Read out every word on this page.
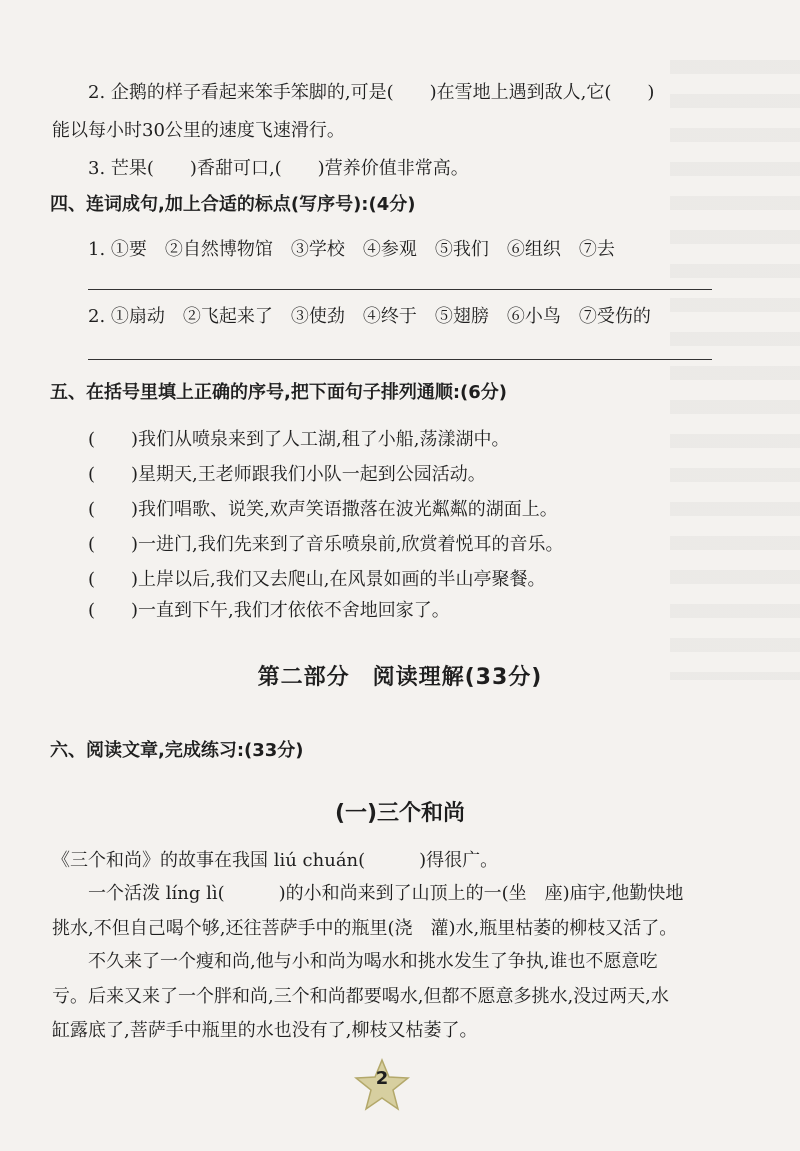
2. 企鹅的样子看起来笨手笨脚的,可是(　　)在雪地上遇到敌人,它(　　)
能以每小时30公里的速度飞速滑行。
3. 芒果(　　)香甜可口,(　　)营养价值非常高。
四、连词成句,加上合适的标点(写序号):(4分)
1. ①要　②自然博物馆　③学校　④参观　⑤我们　⑥组织　⑦去
2. ①扇动　②飞起来了　③使劲　④终于　⑤翅膀　⑥小鸟　⑦受伤的
五、在括号里填上正确的序号,把下面句子排列通顺:(6分)
(　　)我们从喷泉来到了人工湖,租了小船,荡漾湖中。
(　　)星期天,王老师跟我们小队一起到公园活动。
(　　)我们唱歌、说笑,欢声笑语撒落在波光粼粼的湖面上。
(　　)一进门,我们先来到了音乐喷泉前,欣赏着悦耳的音乐。
(　　)上岸以后,我们又去爬山,在风景如画的半山亭聚餐。
(　　)一直到下午,我们才依依不舍地回家了。
第二部分　阅读理解(33分)
六、阅读文章,完成练习:(33分)
(一)三个和尚
《三个和尚》的故事在我国 liú chuán(　　　)得很广。
　　一个活泼 líng lì(　　　)的小和尚来到了山顶上的一(坐　座)庙宇,他勤快地
挑水,不但自己喝个够,还往菩萨手中的瓶里(浇　灌)水,瓶里枯萎的柳枝又活了。
　　不久来了一个瘦和尚,他与小和尚为喝水和挑水发生了争执,谁也不愿意吃
亏。后来又来了一个胖和尚,三个和尚都要喝水,但都不愿意多挑水,没过两天,水
缸露底了,菩萨手中瓶里的水也没有了,柳枝又枯萎了。
2
